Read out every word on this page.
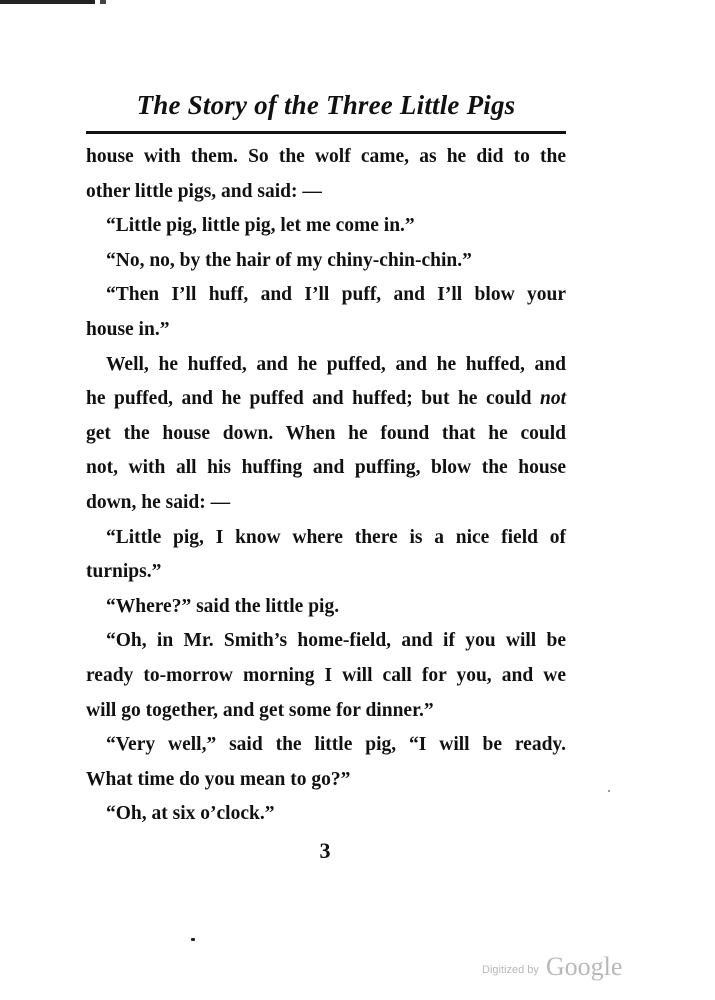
The Story of the Three Little Pigs
house with them. So the wolf came, as he did to the
other little pigs, and said: —
“Little pig, little pig, let me come in.”
“No, no, by the hair of my chiny-chin-chin.”
“Then I’ll huff, and I’ll puff, and I’ll blow your
house in.”
Well, he huffed, and he puffed, and he huffed, and
he puffed, and he puffed and huffed; but he could not
get the house down. When he found that he could
not, with all his huffing and puffing, blow the house
down, he said: —
“Little pig, I know where there is a nice field of
turnips.”
“Where?” said the little pig.
“Oh, in Mr. Smith’s home-field, and if you will be
ready to-morrow morning I will call for you, and we
will go together, and get some for dinner.”
“Very well,” said the little pig, “I will be ready.
What time do you mean to go?”
“Oh, at six o’clock.”
3
Digitized by Google
